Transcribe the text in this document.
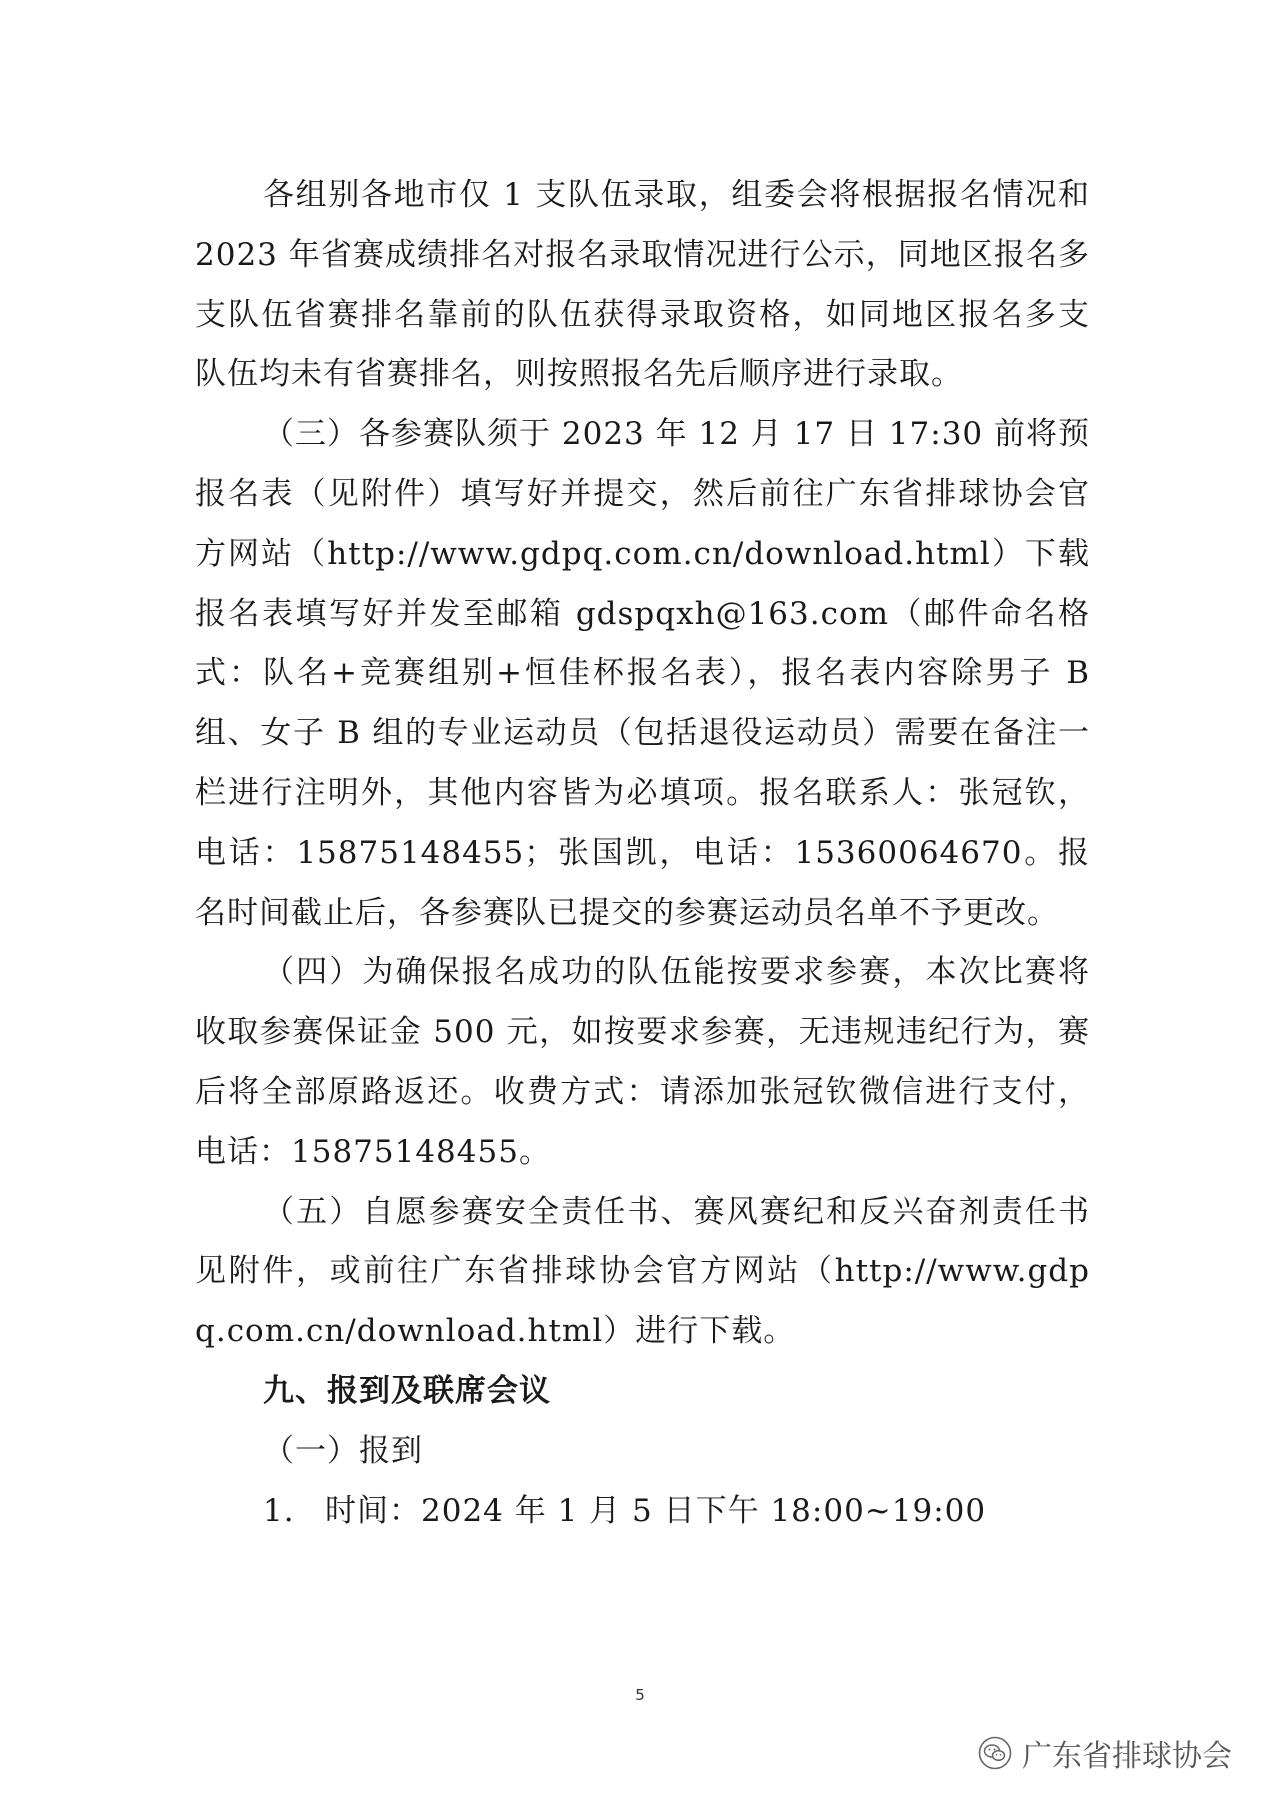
各组别各地市仅 1 支队伍录取，组委会将根据报名情况和 2023 年省赛成绩排名对报名录取情况进行公示，同地区报名多支队伍省赛排名靠前的队伍获得录取资格，如同地区报名多支队伍均未有省赛排名，则按照报名先后顺序进行录取。

（三）各参赛队须于 2023 年 12 月 17 日 17:30 前将预报名表（见附件）填写好并提交，然后前往广东省排球协会官方网站（http://www.gdpq.com.cn/download.html）下载报名表填写好并发至邮箱 gdspqxh@163.com（邮件命名格式：队名+竞赛组别+恒佳杯报名表），报名表内容除男子 B 组、女子 B 组的专业运动员（包括退役运动员）需要在备注一栏进行注明外，其他内容皆为必填项。报名联系人：张冠钦，电话：15875148455；张国凯，电话：15360064670。报名时间截止后，各参赛队已提交的参赛运动员名单不予更改。

（四）为确保报名成功的队伍能按要求参赛，本次比赛将收取参赛保证金 500 元，如按要求参赛，无违规违纪行为，赛后将全部原路返还。收费方式：请添加张冠钦微信进行支付，电话：15875148455。

（五）自愿参赛安全责任书、赛风赛纪和反兴奋剂责任书见附件，或前往广东省排球协会官方网站（http://www.gdpq.com.cn/download.html）进行下载。

九、报到及联席会议

（一）报到

1. 时间：2024 年 1 月 5 日下午 18:00~19:00

5
广东省排球协会
